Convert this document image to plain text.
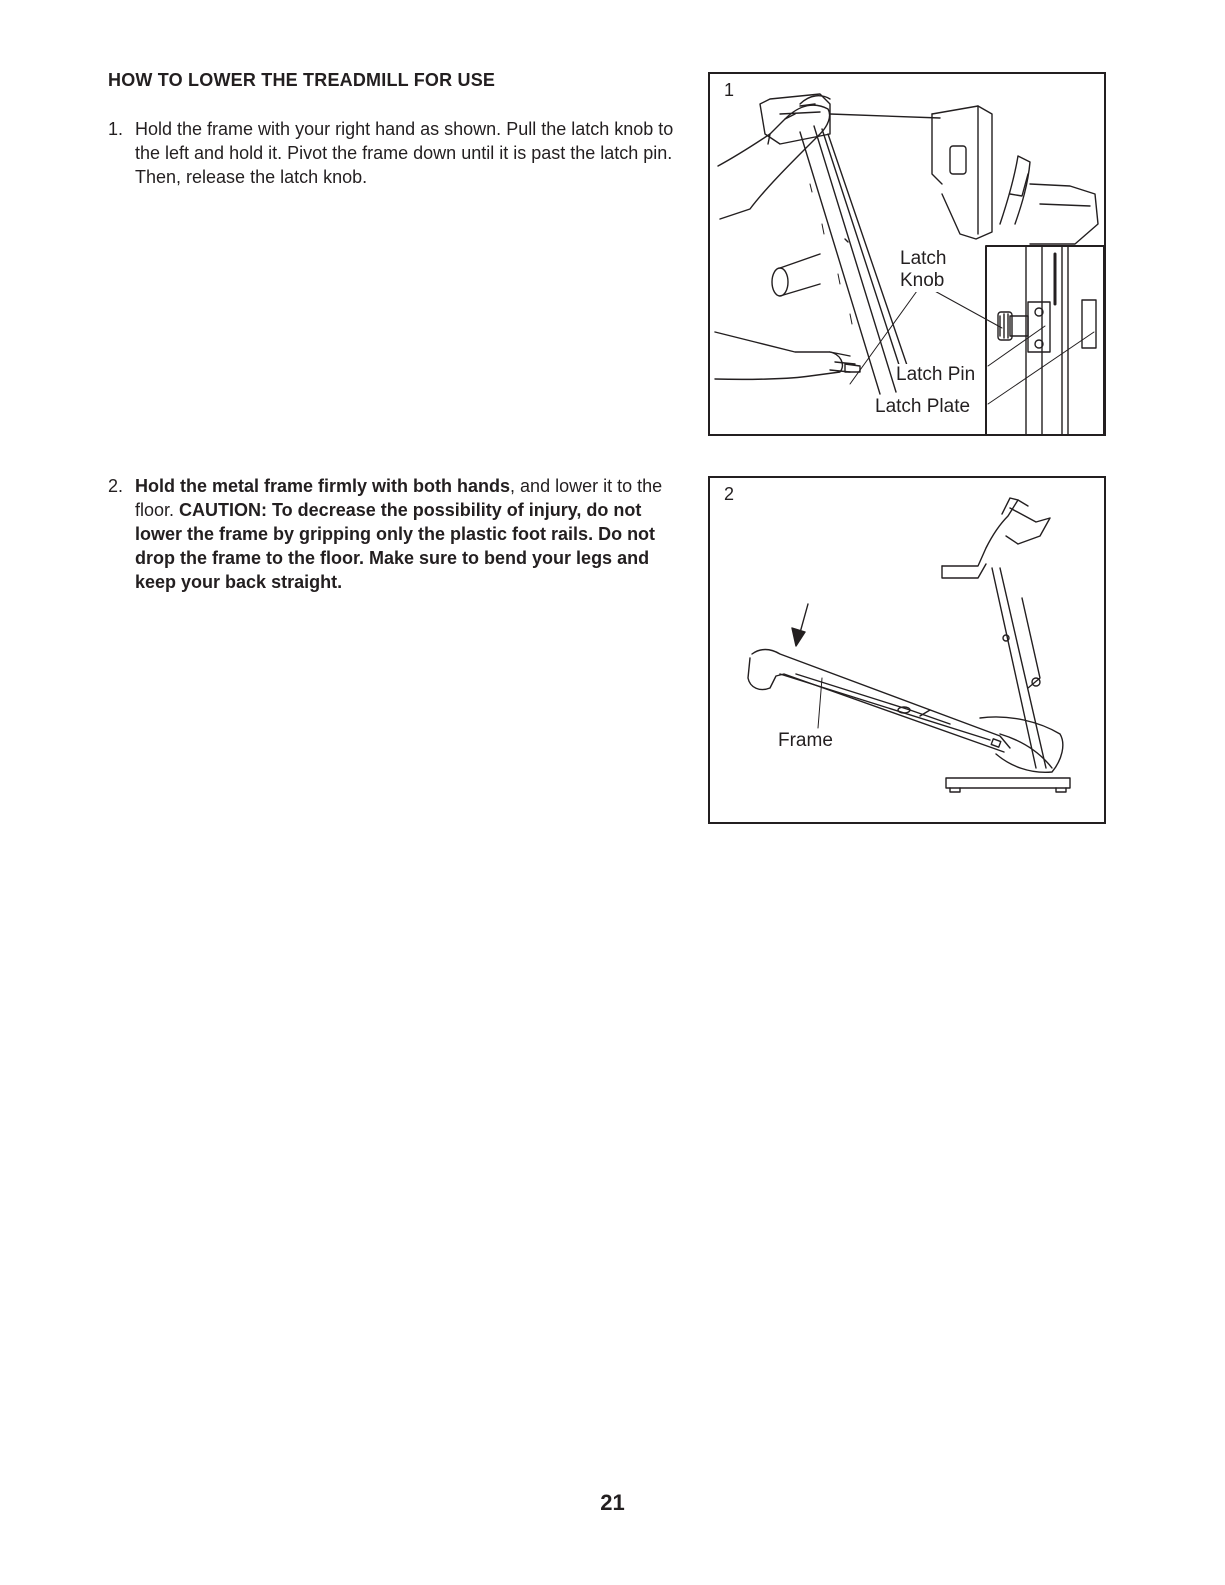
HOW TO LOWER THE TREADMILL FOR USE

1. Hold the frame with your right hand as shown. Pull the latch knob to the left and hold it. Pivot the frame down until it is past the latch pin. Then, release the latch knob.

2. Hold the metal frame firmly with both hands, and lower it to the floor. CAUTION: To decrease the possibility of injury, do not lower the frame by gripping only the plastic foot rails. Do not drop the frame to the floor. Make sure to bend your legs and keep your back straight.

1
Latch Knob
Latch Pin
Latch Plate
2
Frame
21
